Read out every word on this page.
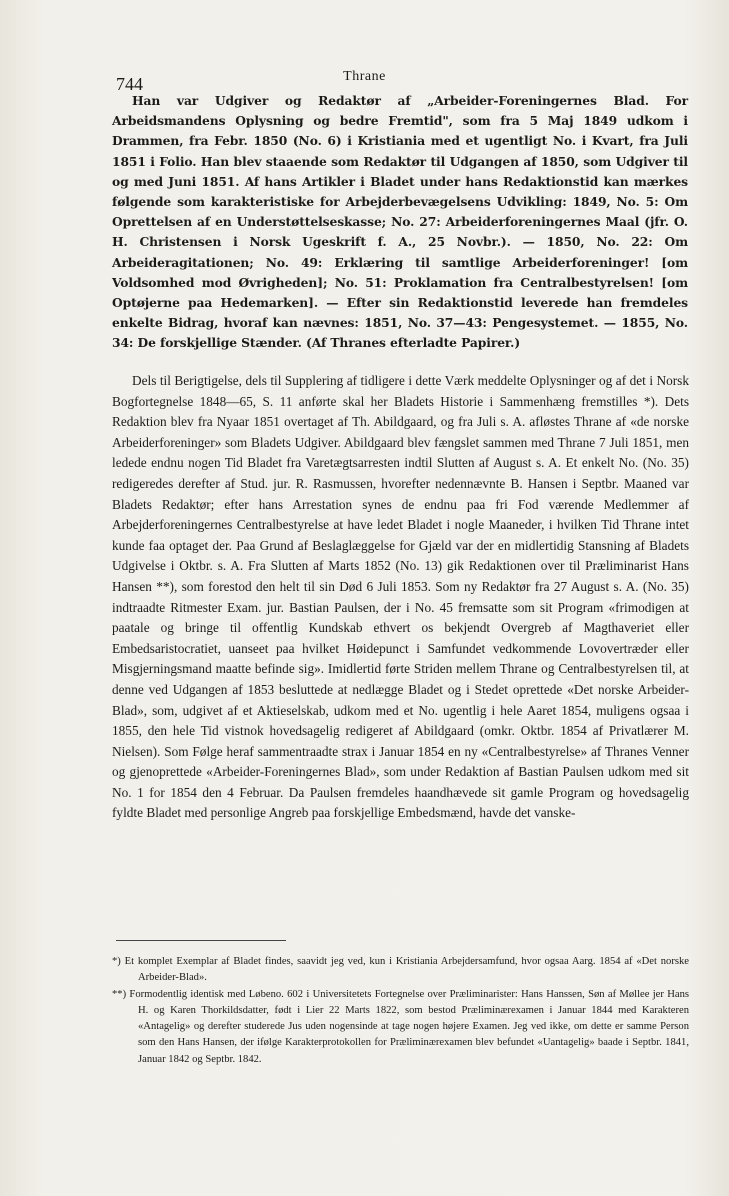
744	Thrane

Han var Udgiver og Redaktør af „Arbeider-Foreningernes Blad. For Arbeidsmandens Oplysning og bedre Fremtid", som fra 5 Maj 1849 udkom i Drammen, fra Febr. 1850 (No. 6) i Kristiania med et ugentligt No. i Kvart, fra Juli 1851 i Folio. Han blev staaende som Redaktør til Udgangen af 1850, som Udgiver til og med Juni 1851. Af hans Artikler i Bladet under hans Redaktionstid kan mærkes følgende som karakteristiske for Arbejderbevægelsens Udvikling: 1849, No. 5: Om Oprettelsen af en Understøttelseskasse; No. 27: Arbeiderforeningernes Maal (jfr. O. H. Christensen i Norsk Ugeskrift f. A., 25 Novbr.). — 1850, No. 22: Om Arbeideragitationen; No. 49: Erklæring til samtlige Arbeiderforeninger! [om Voldsomhed mod Øvrigheden]; No. 51: Proklamation fra Centralbestyrelsen! [om Optøjerne paa Hedemarken]. — Efter sin Redaktionstid leverede han fremdeles enkelte Bidrag, hvoraf kan nævnes: 1851, No. 37—43: Pengesystemet. — 1855, No. 34: De forskjellige Stænder. (Af Thranes efterladte Papirer.)

Dels til Berigtigelse, dels til Supplering af tidligere i dette Værk meddelte Oplysninger og af det i Norsk Bogfortegnelse 1848—65, S. 11 anførte skal her Bladets Historie i Sammenhæng fremstilles *). Dets Redaktion blev fra Nyaar 1851 overtaget af Th. Abildgaard, og fra Juli s. A. afløstes Thrane af «de norske Arbeiderforeninger» som Bladets Udgiver. Abildgaard blev fængslet sammen med Thrane 7 Juli 1851, men ledede endnu nogen Tid Bladet fra Varetægtsarresten indtil Slutten af August s. A. Et enkelt No. (No. 35) redigeredes derefter af Stud. jur. R. Rasmussen, hvorefter nedennævnte B. Hansen i Septbr. Maaned var Bladets Redaktør; efter hans Arrestation synes de endnu paa fri Fod værende Medlemmer af Arbejderforeningernes Centralbestyrelse at have ledet Bladet i nogle Maaneder, i hvilken Tid Thrane intet kunde faa optaget der. Paa Grund af Beslaglæggelse for Gjæld var der en midlertidig Stansning af Bladets Udgivelse i Oktbr. s. A. Fra Slutten af Marts 1852 (No. 13) gik Redaktionen over til Præliminarist Hans Hansen **), som forestod den helt til sin Død 6 Juli 1853. Som ny Redaktør fra 27 August s. A. (No. 35) indtraadte Ritmester Exam. jur. Bastian Paulsen, der i No. 45 fremsatte som sit Program «frimodigen at paatale og bringe til offentlig Kundskab ethvert os bekjendt Overgreb af Magthaveriet eller Embedsaristocratiet, uanseet paa hvilket Høidepunct i Samfundet vedkommende Lovovertræder eller Misgjerningsmand maatte befinde sig». Imidlertid førte Striden mellem Thrane og Centralbestyrelsen til, at denne ved Udgangen af 1853 besluttede at nedlægge Bladet og i Stedet oprettede «Det norske Arbeider-Blad», som, udgivet af et Aktieselskab, udkom med et No. ugentlig i hele Aaret 1854, muligens ogsaa i 1855, den hele Tid vistnok hovedsagelig redigeret af Abildgaard (omkr. Oktbr. 1854 af Privatlærer M. Nielsen). Som Følge heraf sammentraadte strax i Januar 1854 en ny «Centralbestyrelse» af Thranes Venner og gjenoprettede «Arbeider-Foreningernes Blad», som under Redaktion af Bastian Paulsen udkom med sit No. 1 for 1854 den 4 Februar. Da Paulsen fremdeles haandhævede sit gamle Program og hovedsagelig fyldte Bladet med personlige Angreb paa forskjellige Embedsmænd, havde det vanske-

*) Et komplet Exemplar af Bladet findes, saavidt jeg ved, kun i Kristiania Arbejdersamfund, hvor ogsaa Aarg. 1854 af «Det norske Arbeider-Blad».

**) Formodentlig identisk med Løbeno. 602 i Universitetets Fortegnelse over Præliminarister: Hans Hanssen, Søn af Møllee jer Hans H. og Karen Thorkildsdatter, født i Lier 22 Marts 1822, som bestod Præliminærexamen i Januar 1844 med Karakteren «Antagelig» og derefter studerede Jus uden nogensinde at tage nogen højere Examen. Jeg ved ikke, om dette er samme Person som den Hans Hansen, der ifølge Karakterprotokollen for Præliminærexamen blev befundet «Uantagelig» baade i Septbr. 1841, Januar 1842 og Septbr. 1842.
